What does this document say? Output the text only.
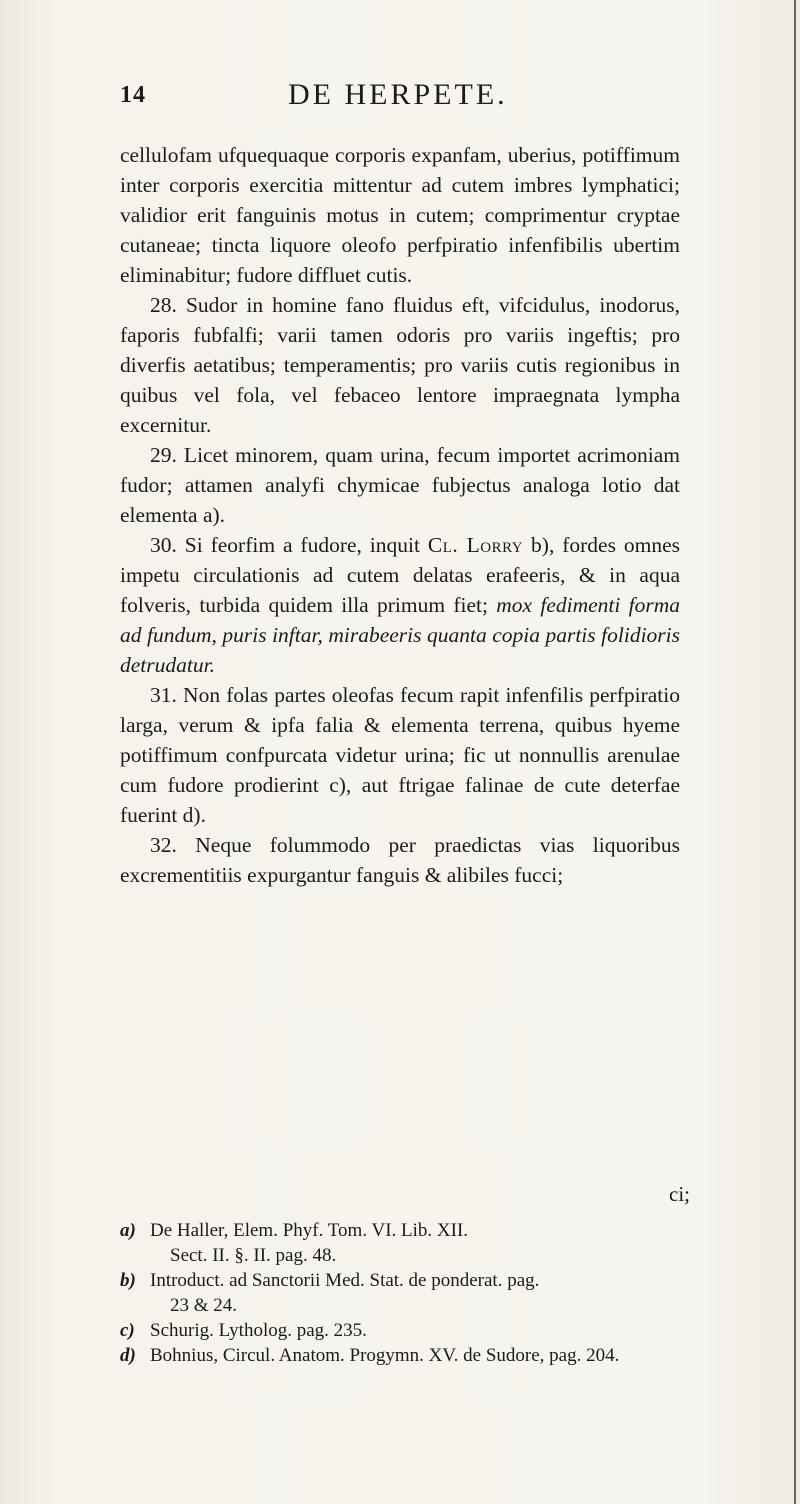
14	DE HERPETE.

cellulofam ufquequaque corporis expanfam, uberius, potiffimum inter corporis exercitia mittentur ad cutem imbres lymphatici; validior erit fanguinis motus in cutem; comprimentur cryptae cutaneae; tincta liquore oleofo perfpiratio infenfibilis ubertim eliminabitur; fudore diffluet cutis.

28. Sudor in homine fano fluidus eft, vifcidulus, inodorus, faporis fubfalfi; varii tamen odoris pro variis ingeftis; pro diverfis aetatibus; temperamentis; pro variis cutis regionibus in quibus vel fola, vel febaceo lentore impraegnata lympha excernitur.

29. Licet minorem, quam urina, fecum importet acrimoniam fudor; attamen analyfi chymicae fubjectus analoga lotio dat elementa a).

30. Si feorfim a fudore, inquit Cl. Lorry b), fordes omnes impetu circulationis ad cutem delatas erafeeris, & in aqua folveris, turbida quidem illa primum fiet; mox fedimenti forma ad fundum, puris inftar, mirabeeris quanta copia partis folidioris detrudatur.

31. Non folas partes oleofas fecum rapit infenfilis perfpiratio larga, verum & ipfa falia & elementa terrena, quibus hyeme potiffimum confpurcata videtur urina; fic ut nonnullis arenulae cum fudore prodierint c), aut ftrigae falinae de cute deterfae fuerint d).

32. Neque folummodo per praedictas vias liquoribus excrementitiis expurgantur fanguis & alibiles fucci;

ci;
a) De Haller, Elem. Phyf. Tom. VI. Lib. XII.
Sect. II. §. II. pag. 48.
b) Introduct. ad Sanctorii Med. Stat. de ponderat. pag.
23 & 24.
c) Schurig. Lytholog. pag. 235.
d) Bohnius, Circul. Anatom. Progymn. XV. de Sudore, pag. 204.
